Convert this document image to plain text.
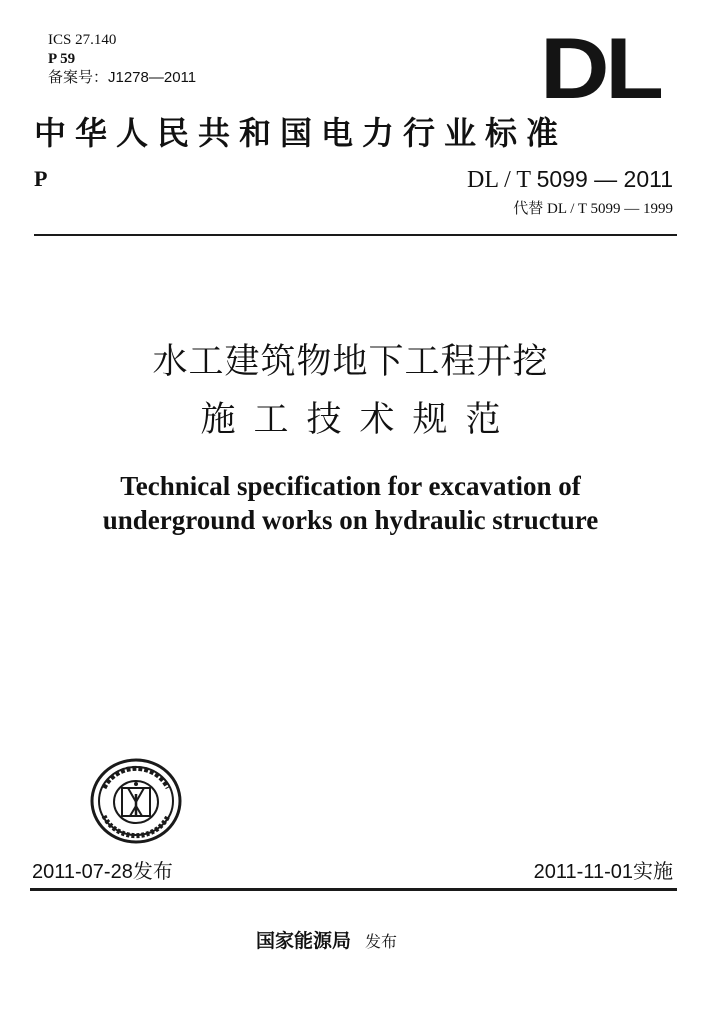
ICS 27.140
P 59
备案号：J1278—2011	DL
中华人民共和国电力行业标准
P	DL / T 5099 — 2011
代替 DL / T 5099 — 1999
水工建筑物地下工程开挖
施工技术规范
Technical specification for excavation of
underground works on hydraulic structure
2011-07-28发布	2011-11-01实施
国家能源局 发布
